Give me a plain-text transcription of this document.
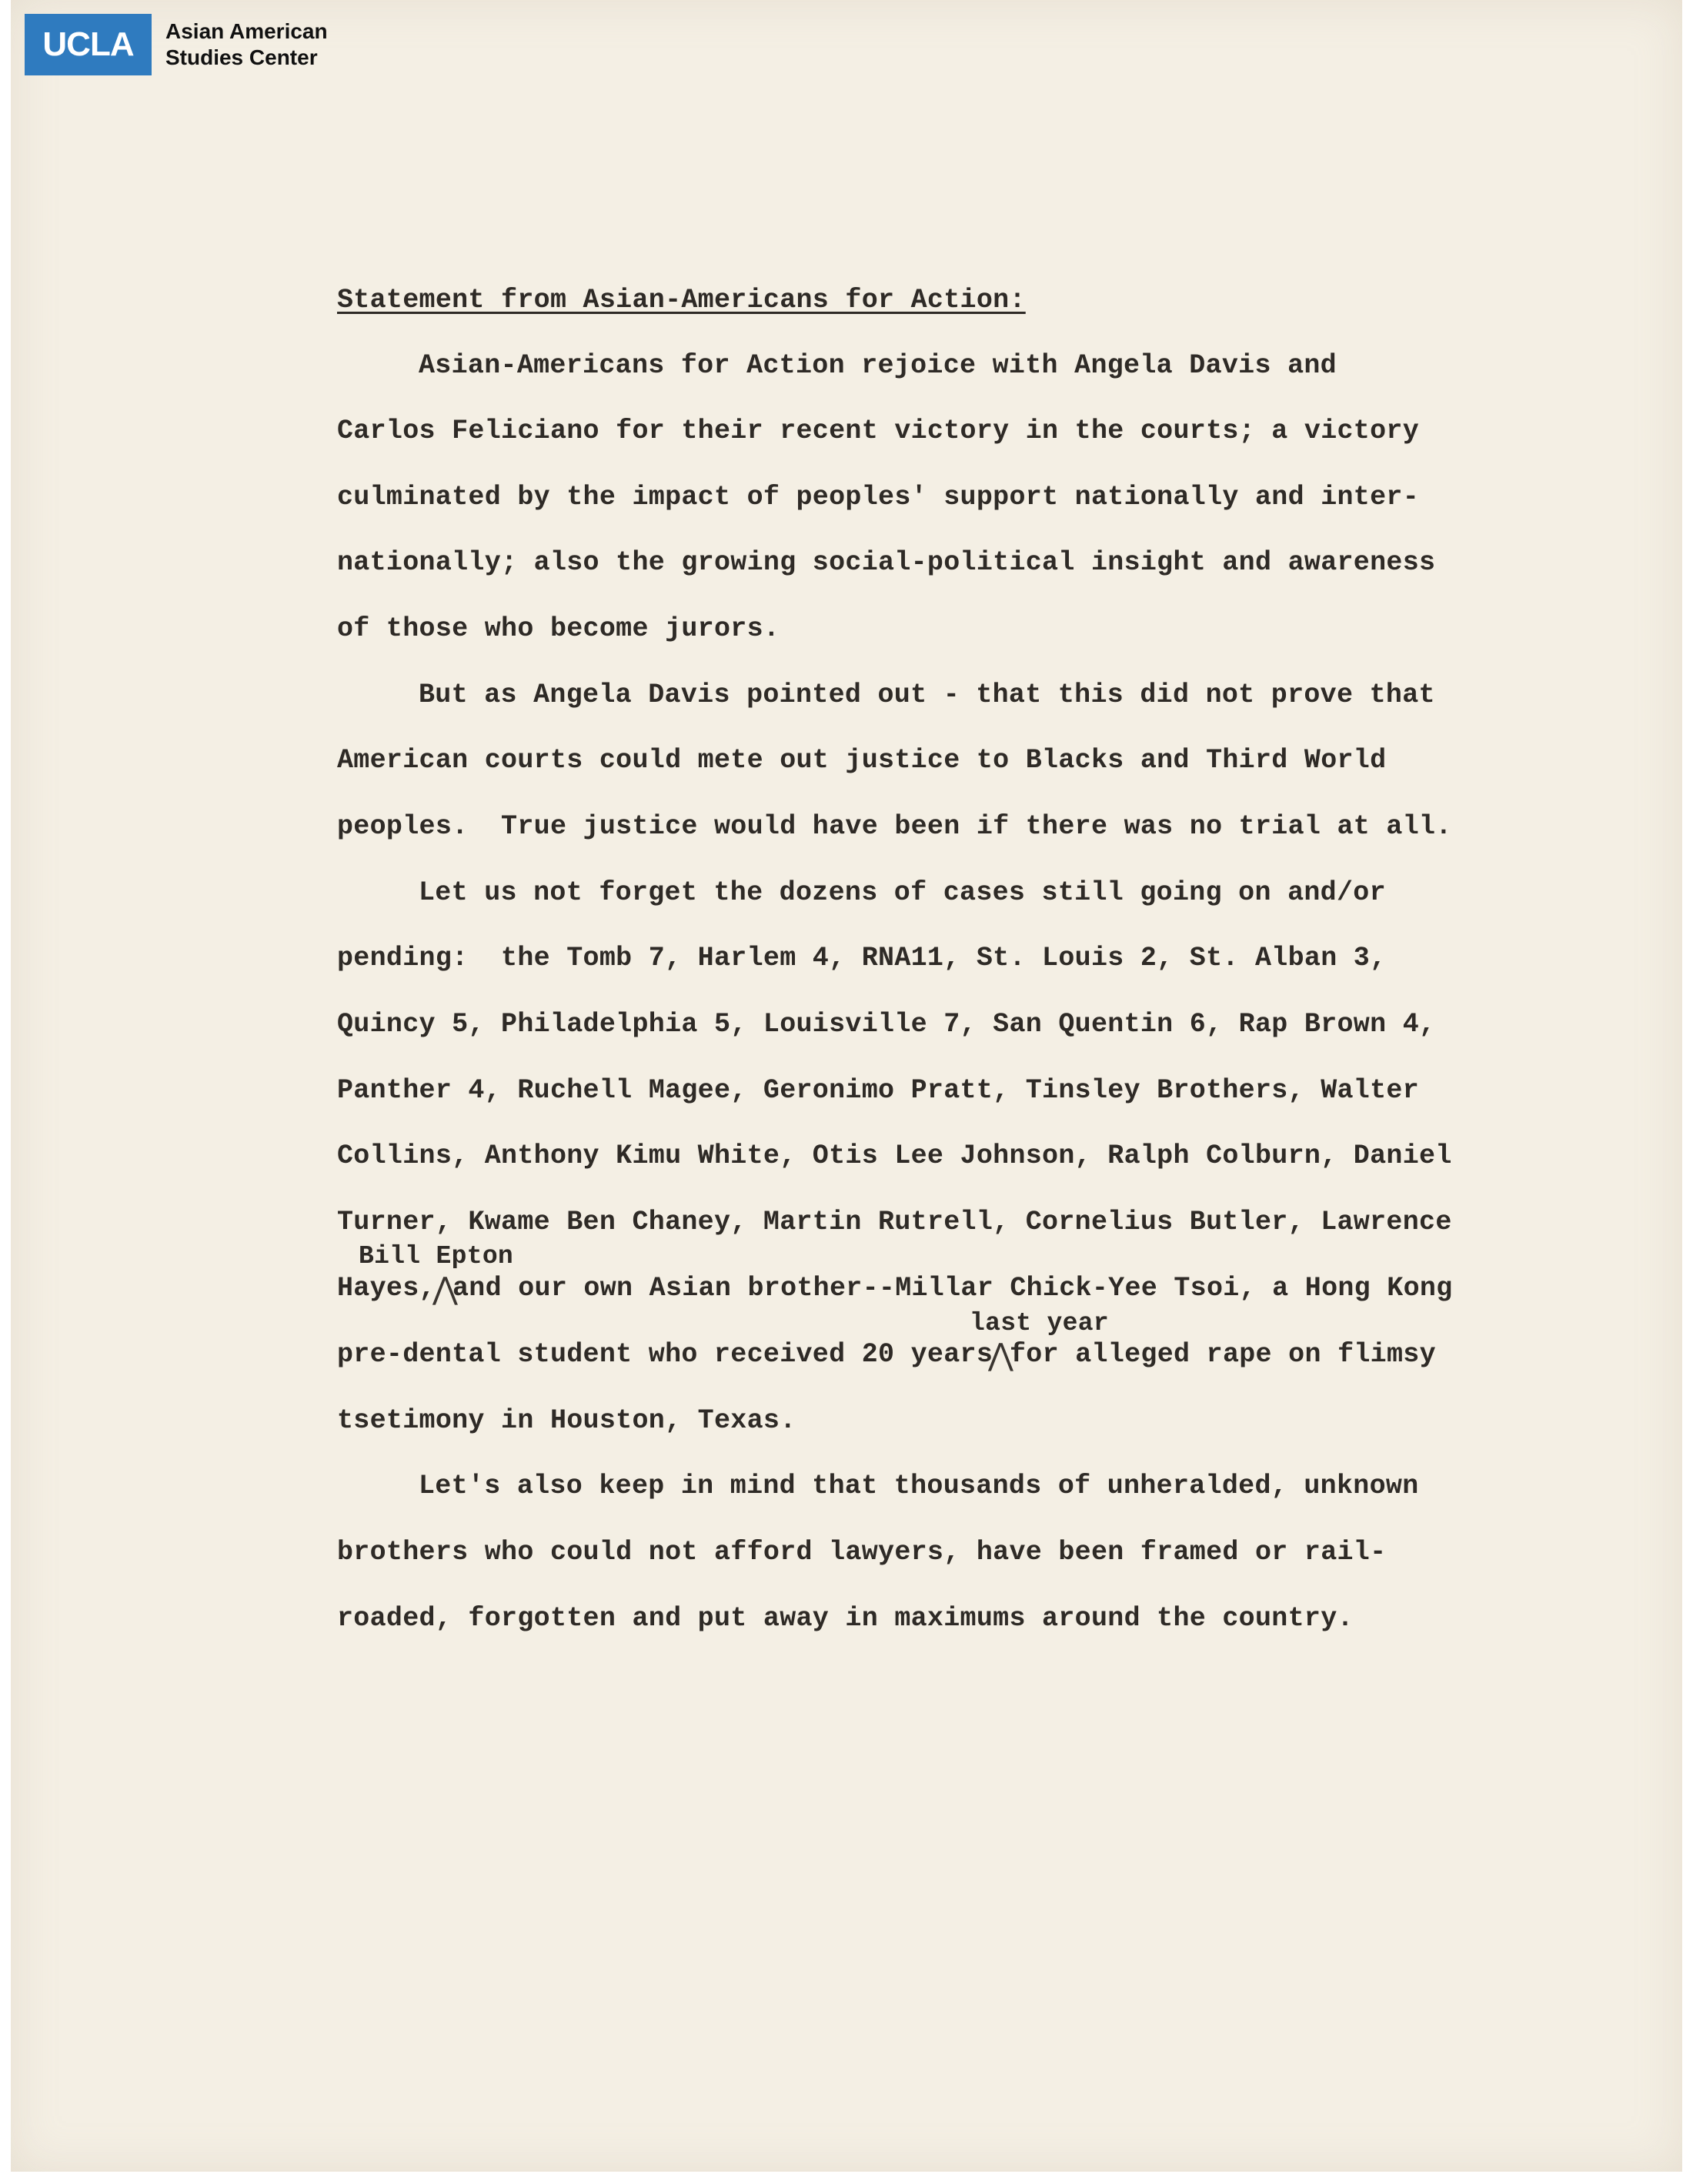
UCLA	Asian American
Studies Center
Statement from Asian-Americans for Action:
Asian-Americans for Action rejoice with Angela Davis and
Carlos Feliciano for their recent victory in the courts; a victory
culminated by the impact of peoples' support nationally and inter-
nationally; also the growing social-political insight and awareness
of those who become jurors.
But as Angela Davis pointed out - that this did not prove that
American courts could mete out justice to Blacks and Third World
peoples.  True justice would have been if there was no trial at all.
Let us not forget the dozens of cases still going on and/or
pending:  the Tomb 7, Harlem 4, RNA11, St. Louis 2, St. Alban 3,
Quincy 5, Philadelphia 5, Louisville 7, San Quentin 6, Rap Brown 4,
Panther 4, Ruchell Magee, Geronimo Pratt, Tinsley Brothers, Walter
Collins, Anthony Kimu White, Otis Lee Johnson, Ralph Colburn, Daniel
Turner, Kwame Ben Chaney, Martin Rutrell, Cornelius Butler, Lawrence
Bill Epton
Hayes,
⋀
and our own Asian brother--Millar Chick-Yee Tsoi, a Hong Kong
last year
pre-dental student who received 20 years
⋀
for alleged rape on flimsy
tsetimony in Houston, Texas.
Let's also keep in mind that thousands of unheralded, unknown
brothers who could not afford lawyers, have been framed or rail-
roaded, forgotten and put away in maximums around the country.
